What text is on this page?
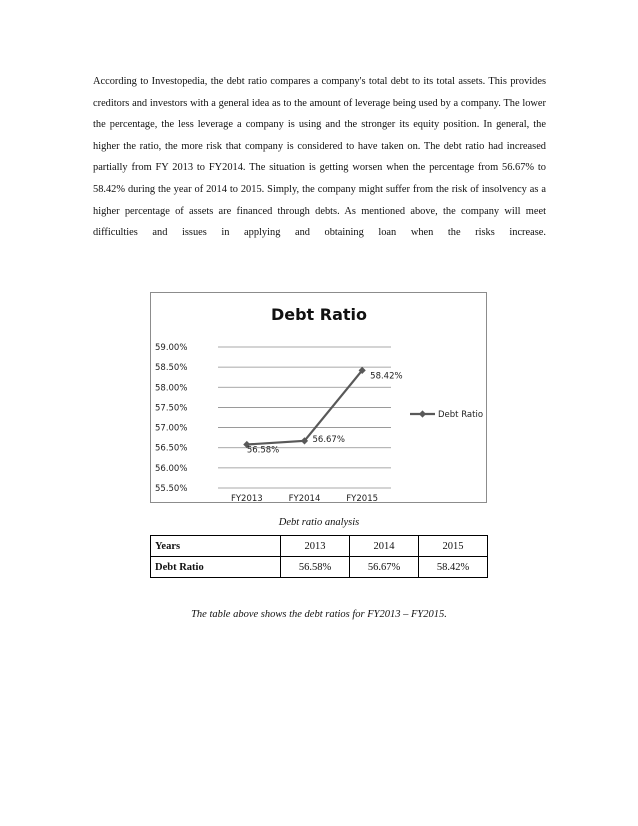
According to Investopedia, the debt ratio compares a company's total debt to its total assets. This provides creditors and investors with a general idea as to the amount of leverage being used by a company. The lower the percentage, the less leverage a company is using and the stronger its equity position. In general, the higher the ratio, the more risk that company is considered to have taken on. The debt ratio had increased partially from FY 2013 to FY2014. The situation is getting worsen when the percentage from 56.67% to 58.42% during the year of 2014 to 2015. Simply, the company might suffer from the risk of insolvency as a higher percentage of assets are financed through debts. As mentioned above, the company will meet difficulties and issues in applying and obtaining loan when the risks increase.

Debt Ratio
55.50%
56.00%
56.50%
57.00%
57.50%
58.00%
58.50%
59.00%
FY2013	FY2014	FY2015
56.58%
56.67%
58.42%
Debt Ratio

Debt ratio analysis

Years	2013	2014	2015
Debt Ratio	56.58%	56.67%	58.42%

The table above shows the debt ratios for FY2013 – FY2015.
